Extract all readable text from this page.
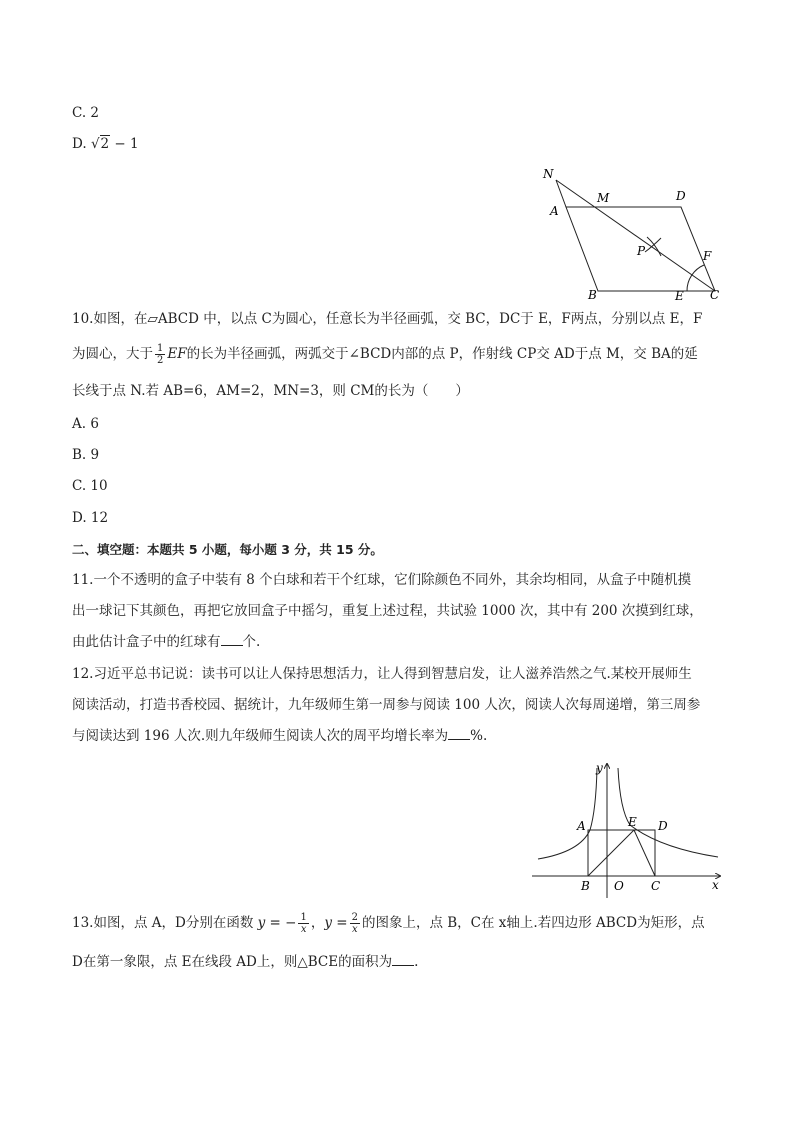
C. 2
D. √2 − 1
N
M	D
A
P	F
B	E C
10.如图，在▱ABCD 中，以点 C为圆心，任意长为半径画弧，交 BC，DC于 E，F两点，分别以点 E，F
为圆心，大于 $\frac{1}{2}$ EF的长为半径画弧，两弧交于∠BCD内部的点 P，作射线 CP交 AD于点 M，交 BA的延
长线于点 N.若 AB=6，AM=2，MN=3，则 CM的长为（　　）
A. 6
B. 9
C. 10
D. 12
二、填空题：本题共 5 小题，每小题 3 分，共 15 分。
11.一个不透明的盒子中装有 8 个白球和若干个红球，它们除颜色不同外，其余均相同，从盒子中随机摸
出一球记下其颜色，再把它放回盒子中摇匀，重复上述过程，共试验 1000 次，其中有 200 次摸到红球，
由此估计盒子中的红球有 个.
12.习近平总书记说：读书可以让人保持思想活力，让人得到智慧启发，让人滋养浩然之气.某校开展师生
阅读活动，打造书香校园、据统计，九年级师生第一周参与阅读 100 人次，阅读人次每周递增，第三周参
与阅读达到 196 人次.则九年级师生阅读人次的周平均增长率为 %.
y
x
A	E D
B O C
13.如图，点 A，D分别在函数 y = − $\frac{1}{x}$ ，$y = \frac{2}{x}$ 的图象上，点 B，C在 x轴上.若四边形 ABCD为矩形，点
D在第一象限，点 E在线段 AD上，则△BCE的面积为 .
